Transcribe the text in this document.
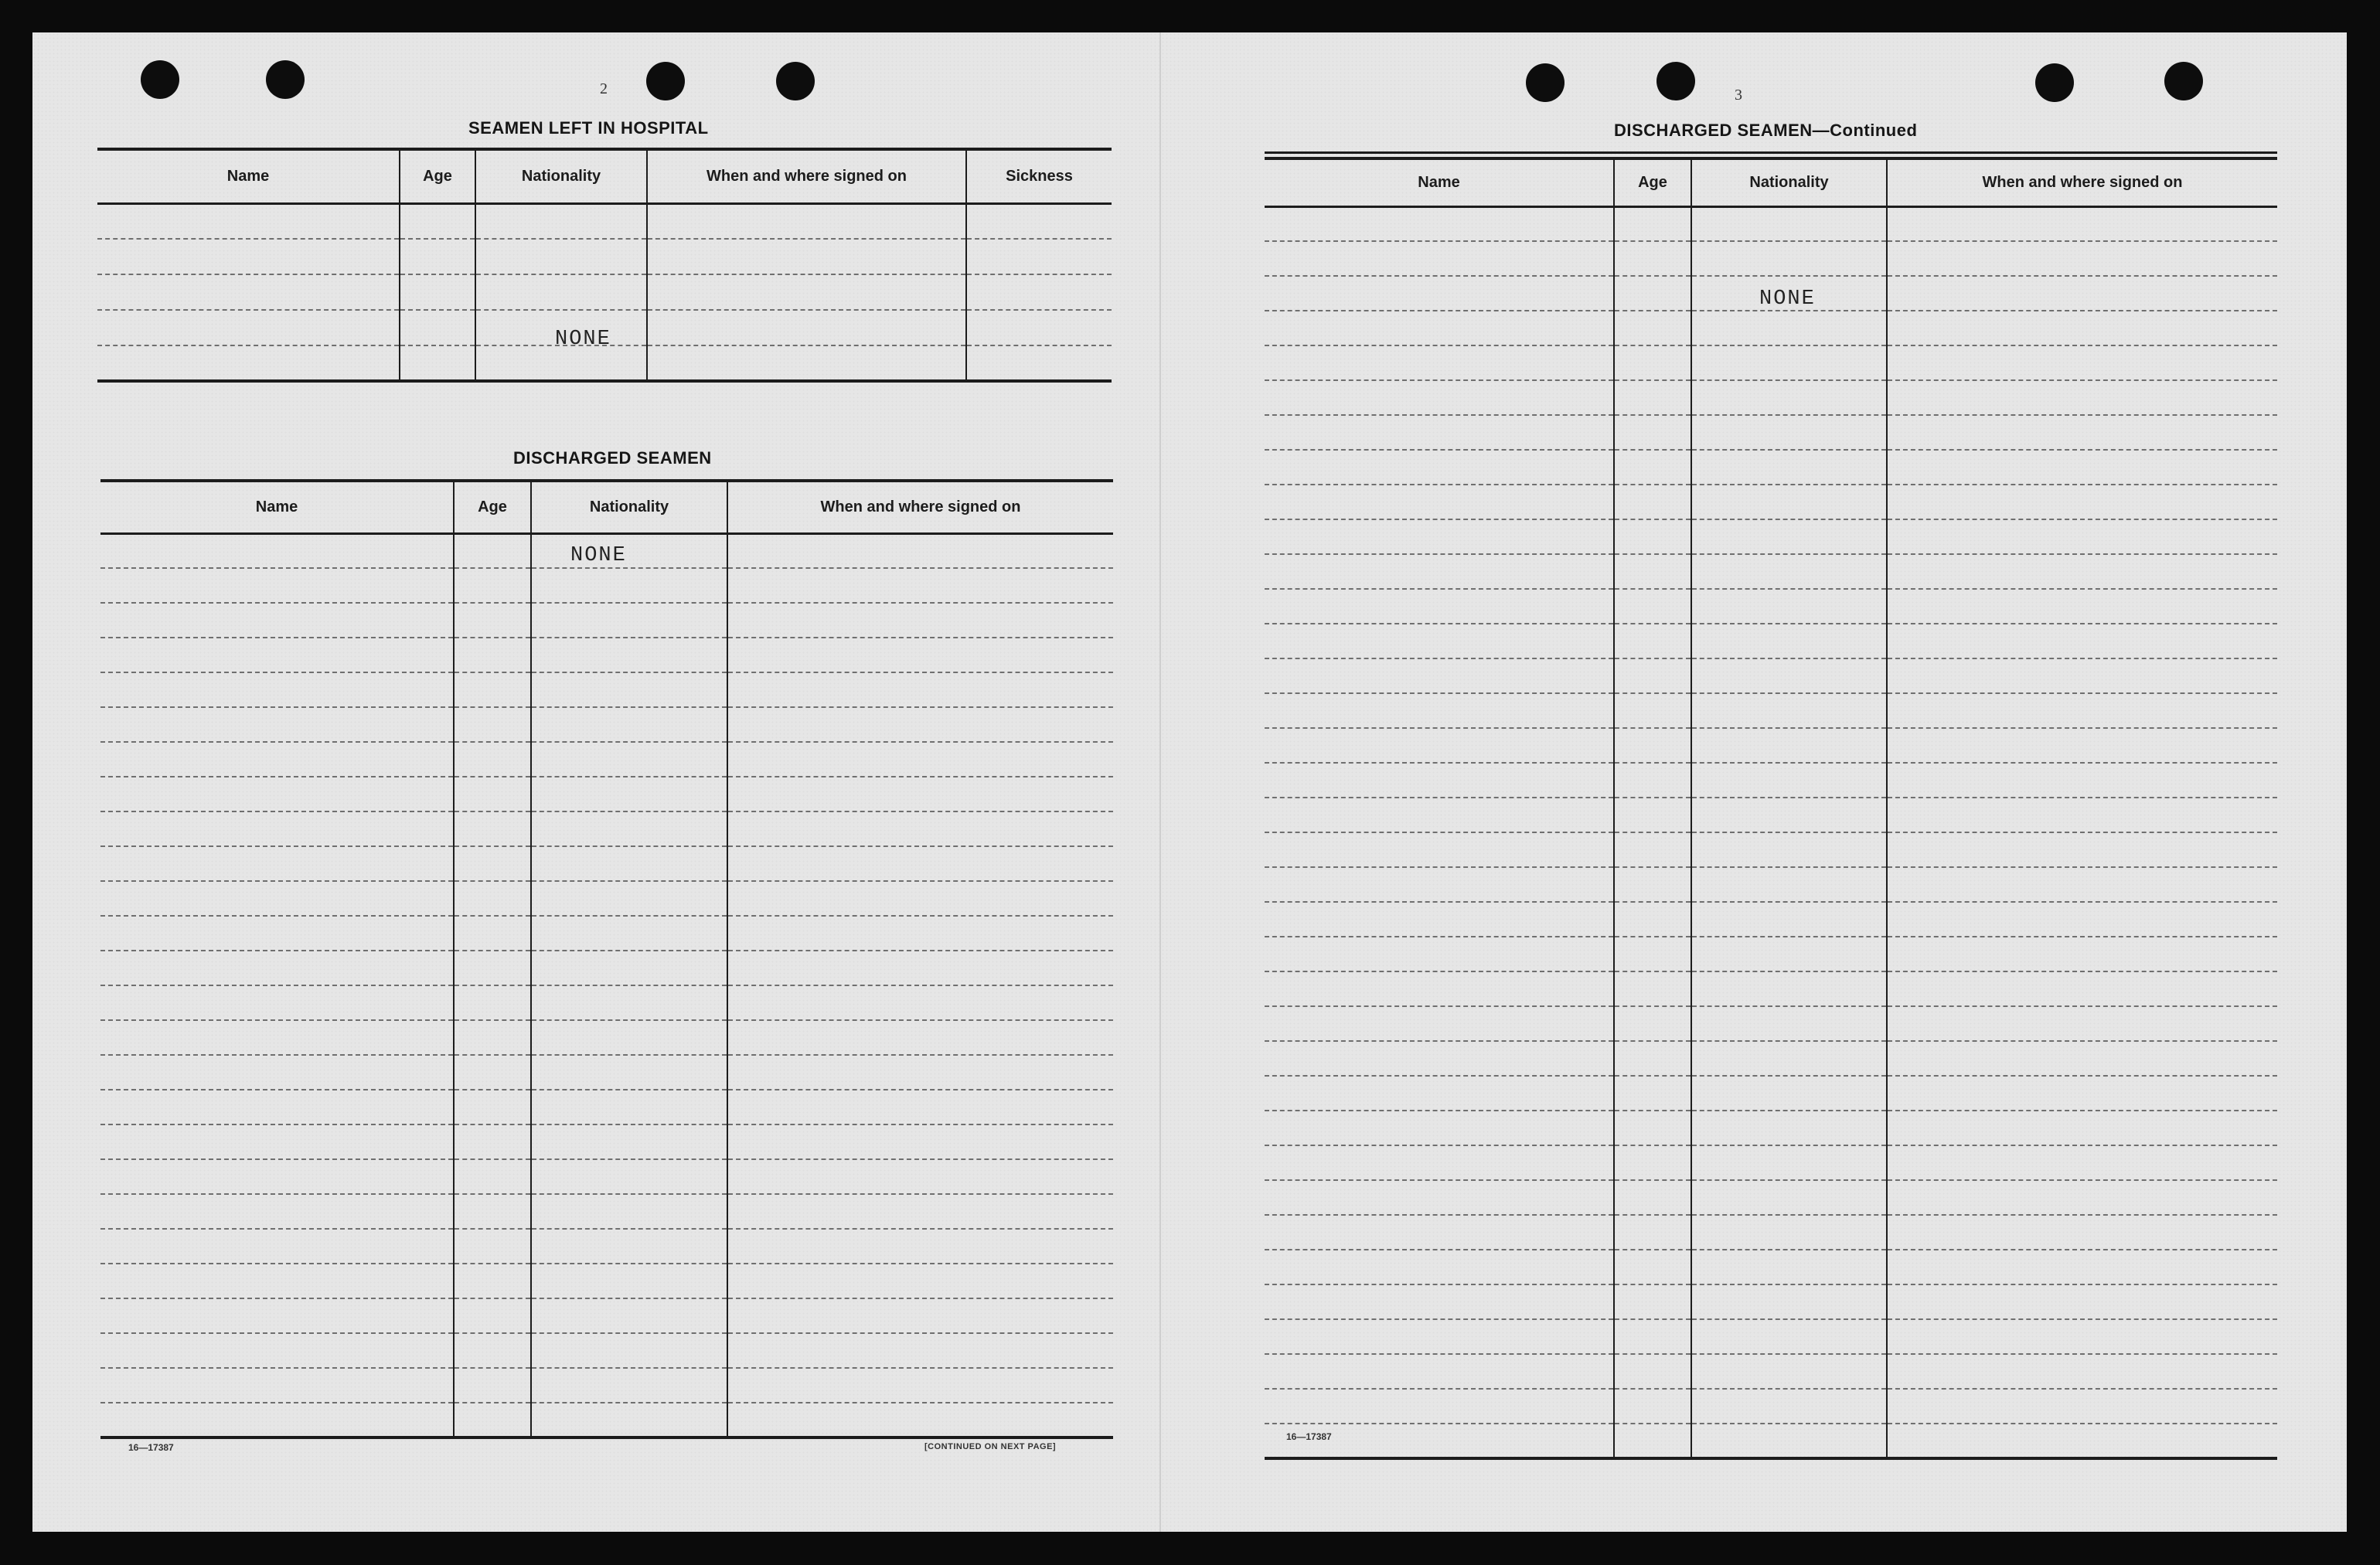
2
SEAMEN LEFT IN HOSPITAL
Name	Age	Nationality	When and where signed on	Sickness

NONE
DISCHARGED SEAMEN
Name	Age	Nationality	When and where signed on

NONE
16—17387	[CONTINUED ON NEXT PAGE]
3
DISCHARGED SEAMEN—Continued
Name	Age	Nationality	When and where signed on

NONE
16—17387
